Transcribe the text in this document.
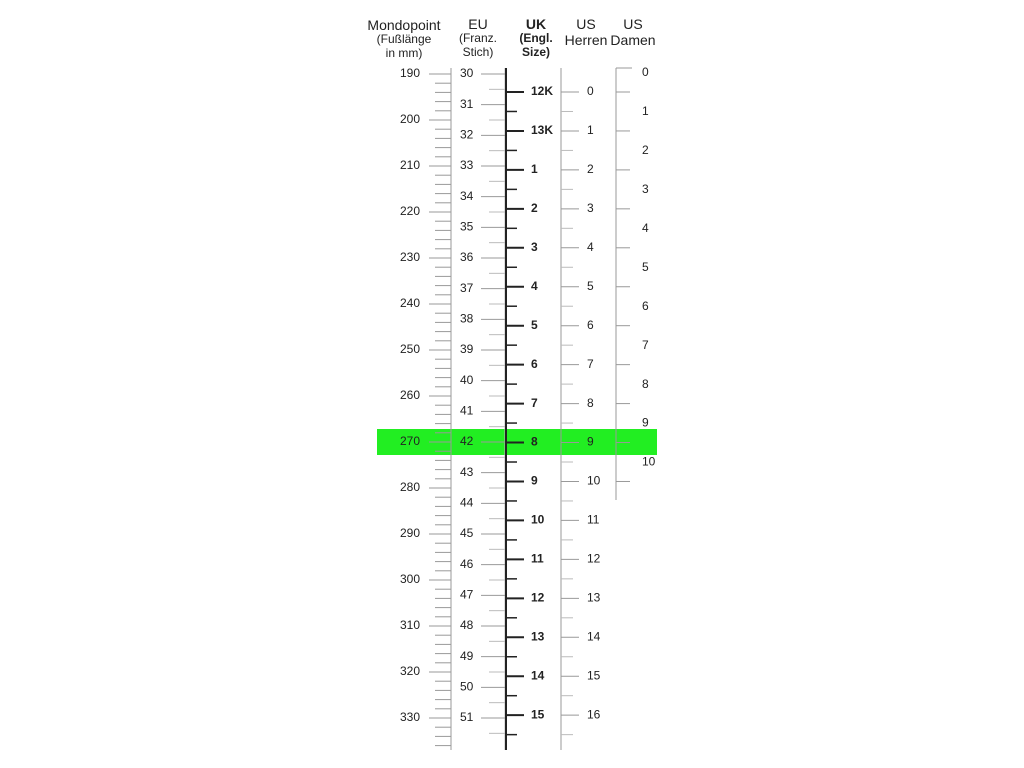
190
200
210
220
230
240
250
260
270
280
290
300
310
320
330
30
31
32
33
34
35
36
37
38
39
40
41
42
43
44
45
46
47
48
49
50
51
12K
13K
1
2
3
4
5
6
7
8
9
10
11
12
13
14
15
0
1
2
3
4
5
6
7
8
9
10
11
12
13
14
15
16
0
1
2
3
4
5
6
7
8
9
10
Mondopoint
(Fußlänge
in mm)
EU
(Franz.
Stich)
UK
(Engl.
Size)
US
Herren
US
Damen
